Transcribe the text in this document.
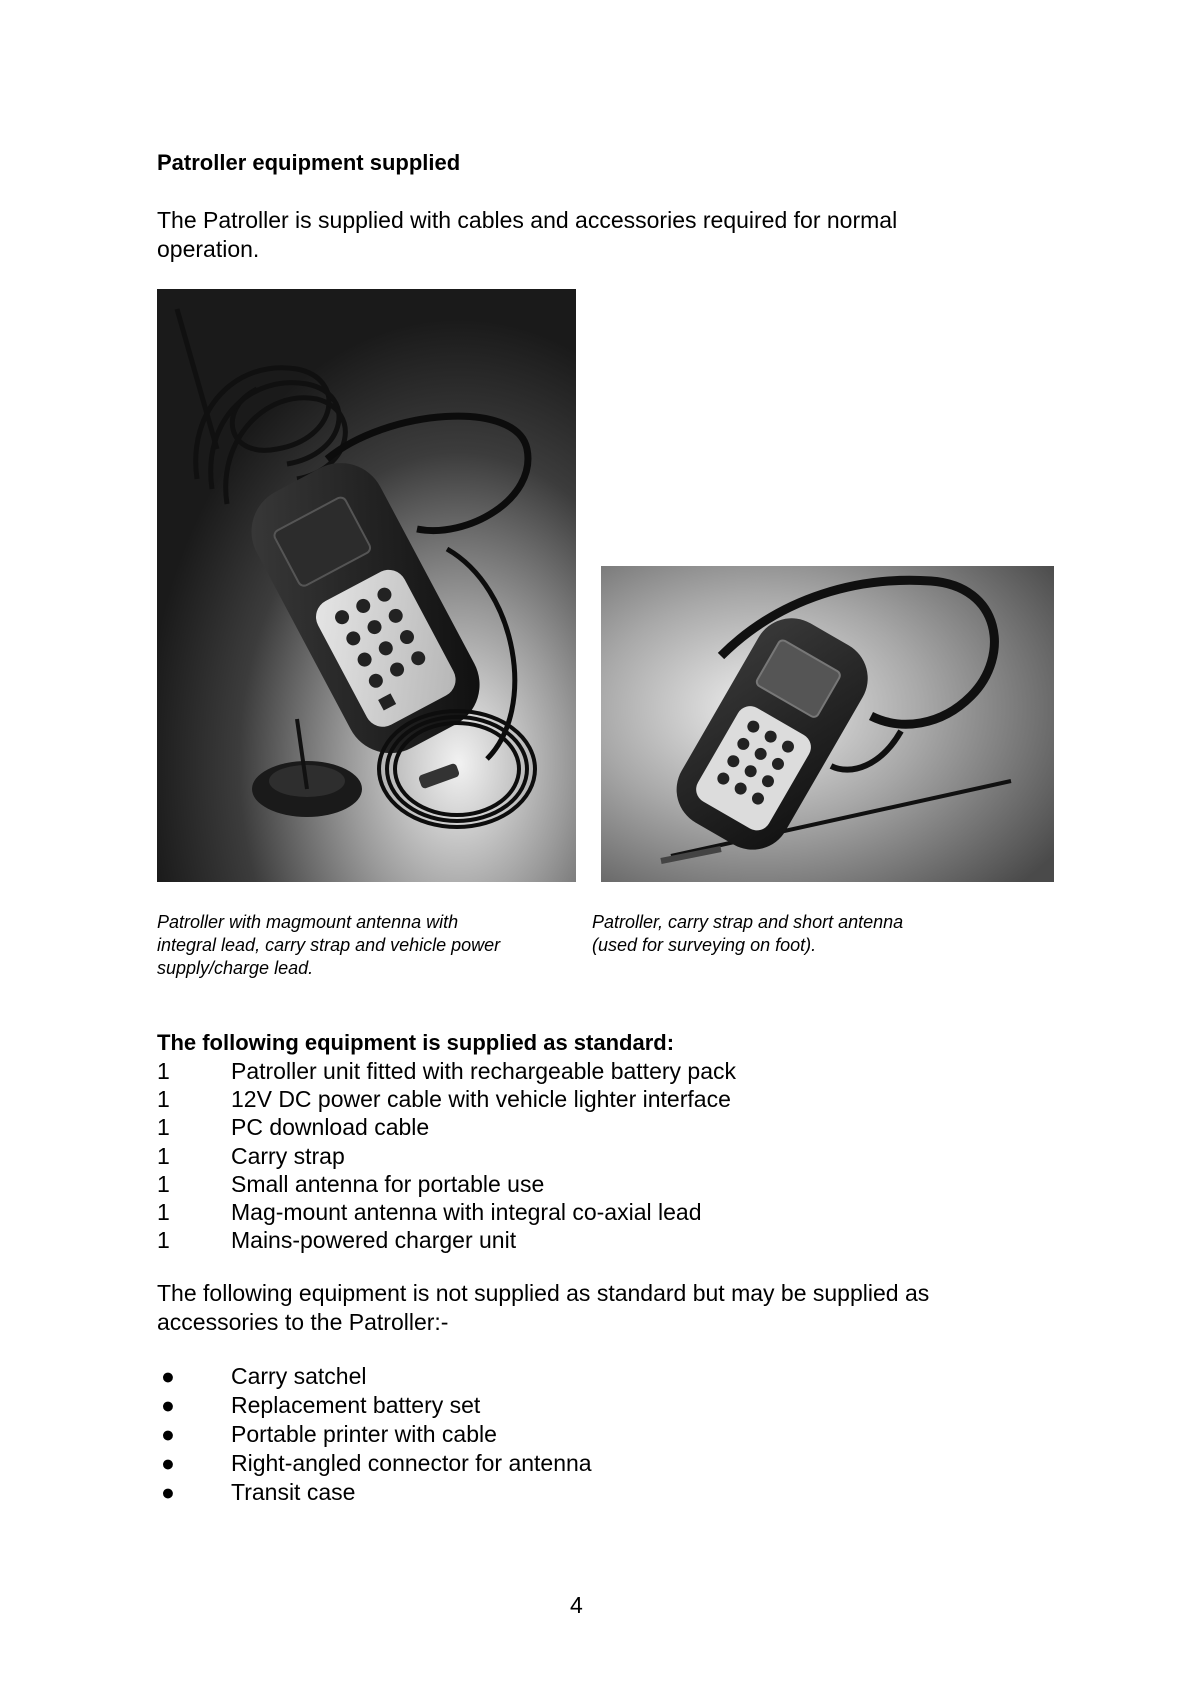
Patroller equipment supplied

The Patroller is supplied with cables and accessories required for normal operation.

Patroller with magmount antenna with integral lead, carry strap and vehicle power supply/charge lead.

Patroller, carry strap and short antenna (used for surveying on foot).

The following equipment is supplied as standard:
1	Patroller unit fitted with rechargeable battery pack
1	12V DC power cable with vehicle lighter interface
1	PC download cable
1	Carry strap
1	Small antenna for portable use
1	Mag-mount antenna with integral co-axial lead
1	Mains-powered charger unit

The following equipment is not supplied as standard but may be supplied as accessories to the Patroller:-

●	Carry satchel
●	Replacement battery set
●	Portable printer with cable
●	Right-angled connector for antenna
●	Transit case

4
